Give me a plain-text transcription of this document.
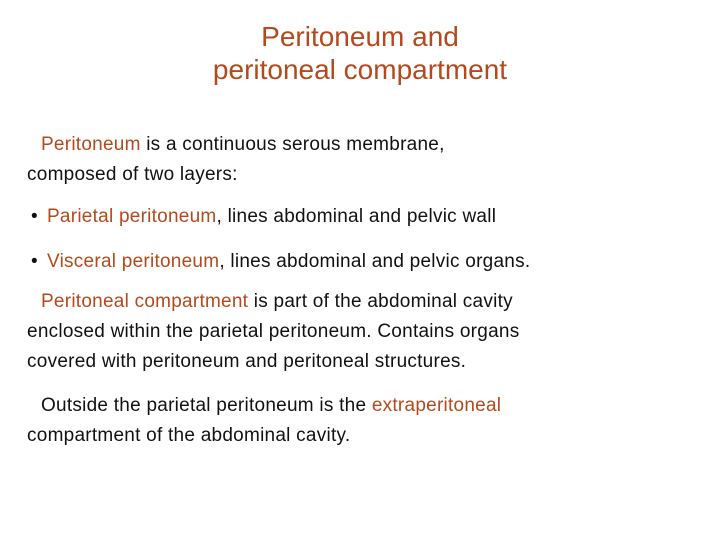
Peritoneum and
peritoneal compartment
Peritoneum is a continuous serous membrane,
composed of two layers:
• Parietal peritoneum, lines abdominal and pelvic wall
• Visceral peritoneum, lines abdominal and pelvic organs.
Peritoneal compartment is part of the abdominal cavity
enclosed within the parietal peritoneum. Contains organs
covered with peritoneum and peritoneal structures.
Outside the parietal peritoneum is the extraperitoneal
compartment of the abdominal cavity.
